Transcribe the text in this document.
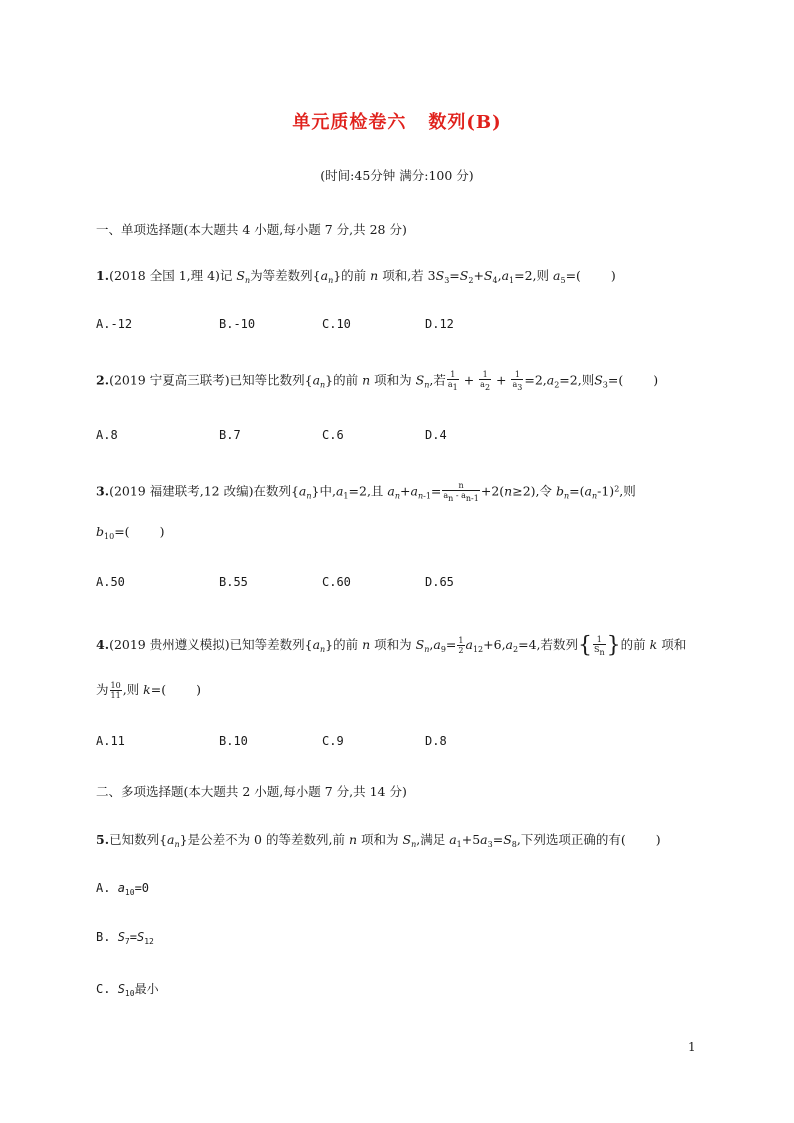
单元质检卷六 数列(B)
(时间:45分钟 满分:100 分)
一、单项选择题(本大题共 4 小题,每小题 7 分,共 28 分)
1.(2018 全国 1,理 4)记 $S_n$为等差数列$\{a_n\}$的前 n 项和,若 $3S_3=S_2+S_4,a_1=2$,则 $a_5=$( )
A.-12	B.-10	C.10	D.12
2.(2019 宁夏高三联考)已知等比数列$\{a_n\}$的前 n 项和为 $S_n$,若 $\frac{1}{a_1} + \frac{1}{a_2} + \frac{1}{a_3} =2,a_2=2$,则$S_3=$( )
A.8	B.7	C.6	D.4
3.(2019 福建联考,12 改编)在数列$\{a_n\}$中$,a_1=2$,且 $a_n+a_{n-1}= \frac{n}{a_n - a_{n-1}} +2(n\ge 2)$,令 $b_n=(a_n-1)^2$,则
$b_{10}=$( )
A.50	B.55	C.60	D.65
4.(2019 贵州遵义模拟)已知等差数列$\{a_n\}$的前 n 项和为 $S_n,a_9= \frac{1}{2} a_{12}+6,a_2=4$,若数列{ $\frac{1}{S_n}$ }的前 k 项和
为 $\frac{10}{11}$ ,则 k=( )
A.11	B.10	C.9	D.8
二、多项选择题(本大题共 2 小题,每小题 7 分,共 14 分)
5.已知数列$\{a_n\}$是公差不为 0 的等差数列,前 n 项和为 $S_n$,满足 $a_1+5a_3=S_8$,下列选项正确的有( )
A. $a_{10}=0$
B. $S_7=S_{12}$
C. $S_{10}$最小
1
